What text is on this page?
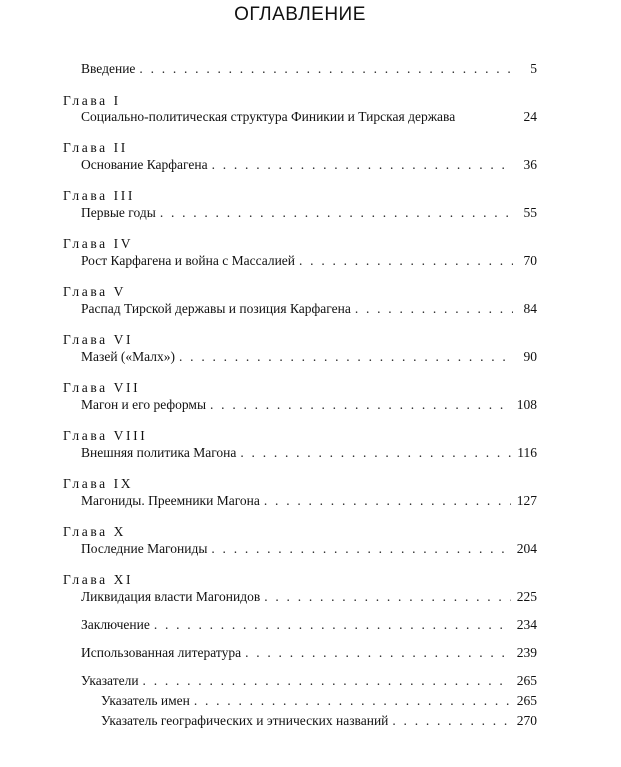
ОГЛАВЛЕНИЕ
Введение . . .	5
Глава I
Социально-политическая структура Финикии и Тирская держава	24
Глава II
Основание Карфагена . . .	36
Глава III
Первые годы . . .	55
Глава IV
Рост Карфагена и война с Массалией . . .	70
Глава V
Распад Тирской державы и позиция Карфагена . . .	84
Глава VI
Мазей («Малх») . . .	90
Глава VII
Магон и его реформы . . .	108
Глава VIII
Внешняя политика Магона . . .	116
Глава IX
Магониды. Преемники Магона . . .	127
Глава X
Последние Магониды . . .	204
Глава XI
Ликвидация власти Магонидов . . .	225
Заключение . . .	234
Использованная литература . . .	239
Указатели . . .	265
Указатель имен . . .	265
Указатель географических и этнических названий . . .	270
